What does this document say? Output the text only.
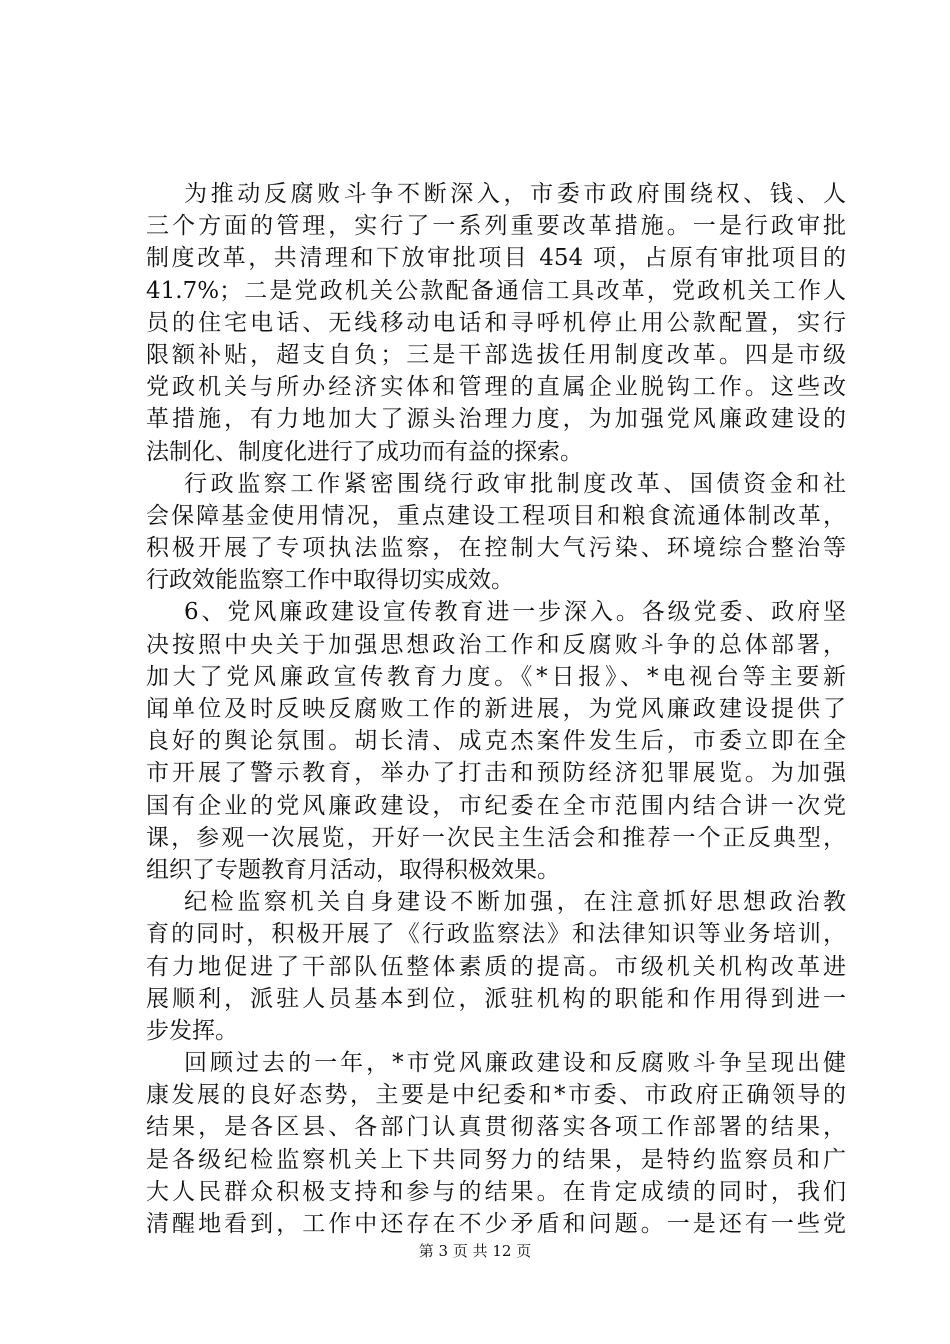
为推动反腐败斗争不断深入，市委市政府围绕权、钱、人
三个方面的管理，实行了一系列重要改革措施。一是行政审批
制度改革，共清理和下放审批项目 454 项，占原有审批项目的
41.7%；二是党政机关公款配备通信工具改革，党政机关工作人
员的住宅电话、无线移动电话和寻呼机停止用公款配置，实行
限额补贴，超支自负；三是干部选拔任用制度改革。四是市级
党政机关与所办经济实体和管理的直属企业脱钩工作。这些改
革措施，有力地加大了源头治理力度，为加强党风廉政建设的
法制化、制度化进行了成功而有益的探索。
行政监察工作紧密围绕行政审批制度改革、国债资金和社
会保障基金使用情况，重点建设工程项目和粮食流通体制改革，
积极开展了专项执法监察，在控制大气污染、环境综合整治等
行政效能监察工作中取得切实成效。
6、党风廉政建设宣传教育进一步深入。各级党委、政府坚
决按照中央关于加强思想政治工作和反腐败斗争的总体部署，
加大了党风廉政宣传教育力度。《*日报》、*电视台等主要新
闻单位及时反映反腐败工作的新进展，为党风廉政建设提供了
良好的舆论氛围。胡长清、成克杰案件发生后，市委立即在全
市开展了警示教育，举办了打击和预防经济犯罪展览。为加强
国有企业的党风廉政建设，市纪委在全市范围内结合讲一次党
课，参观一次展览，开好一次民主生活会和推荐一个正反典型，
组织了专题教育月活动，取得积极效果。
纪检监察机关自身建设不断加强，在注意抓好思想政治教
育的同时，积极开展了《行政监察法》和法律知识等业务培训，
有力地促进了干部队伍整体素质的提高。市级机关机构改革进
展顺利，派驻人员基本到位，派驻机构的职能和作用得到进一
步发挥。
回顾过去的一年，*市党风廉政建设和反腐败斗争呈现出健
康发展的良好态势，主要是中纪委和*市委、市政府正确领导的
结果，是各区县、各部门认真贯彻落实各项工作部署的结果，
是各级纪检监察机关上下共同努力的结果，是特约监察员和广
大人民群众积极支持和参与的结果。在肯定成绩的同时，我们
清醒地看到，工作中还存在不少矛盾和问题。一是还有一些党
第 3 页 共 12 页
